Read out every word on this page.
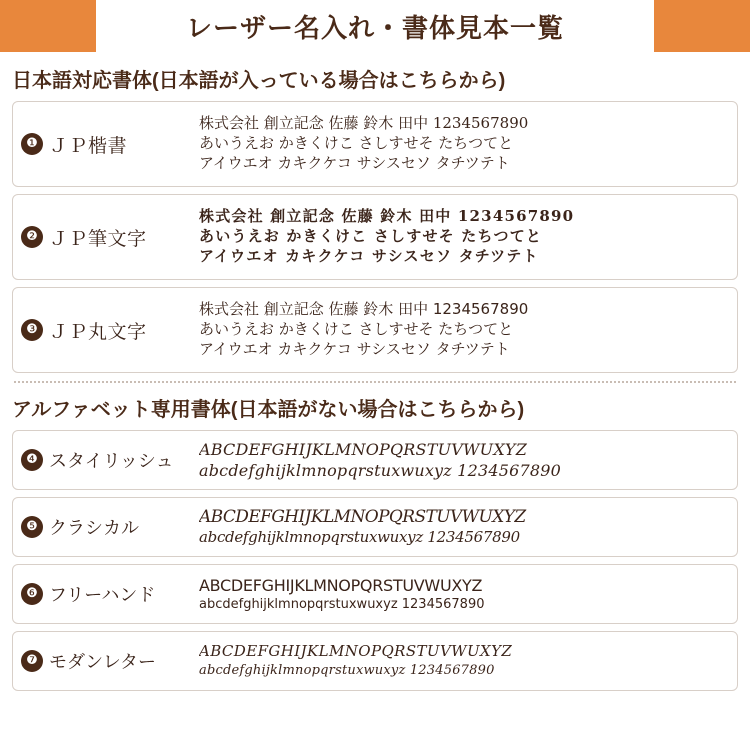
レーザー名入れ・書体見本一覧
日本語対応書体(日本語が入っている場合はこちらから)
❶ ＪＰ楷書
株式会社 創立記念 佐藤 鈴木 田中 1234567890
あいうえお かきくけこ さしすせそ たちつてと
アイウエオ カキクケコ サシスセソ タチツテト
❷ ＪＰ筆文字
株式会社 創立記念 佐藤 鈴木 田中 1234567890
あいうえお かきくけこ さしすせそ たちつてと
アイウエオ カキクケコ サシスセソ タチツテト
❸ ＪＰ丸文字
株式会社 創立記念 佐藤 鈴木 田中 1234567890
あいうえお かきくけこ さしすせそ たちつてと
アイウエオ カキクケコ サシスセソ タチツテト
アルファベット専用書体(日本語がない場合はこちらから)
❹ スタイリッシュ
ABCDEFGHIJKLMNOPQRSTUVWUXYZ
abcdefghijklmnopqrstuxwuxyz 1234567890
❺ クラシカル
ABCDEFGHIJKLMNOPQRSTUVWUXYZ
abcdefghijklmnopqrstuxwuxyz 1234567890
❻ フリーハンド	ABCDEFGHIJKLMNOPQRSTUVWUXYZ
abcdefghijklmnopqrstuxwuxyz 1234567890
❼ モダンレター
ABCDEFGHIJKLMNOPQRSTUVWUXYZ
abcdefghijklmnopqrstuxwuxyz 1234567890
